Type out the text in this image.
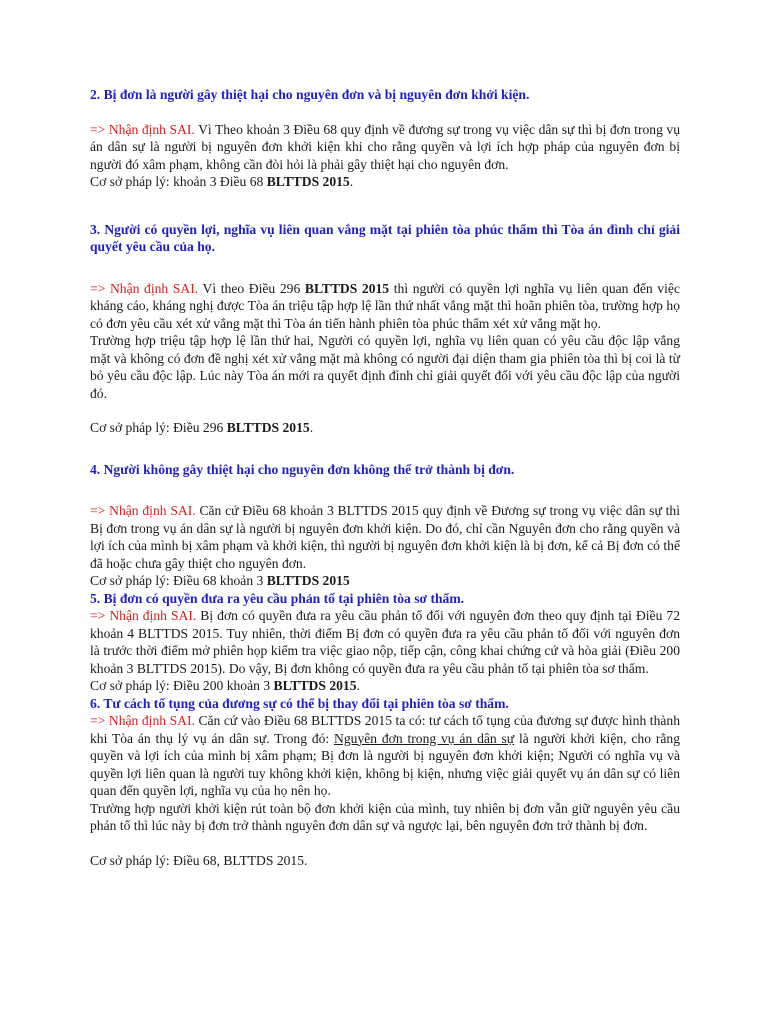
2. Bị đơn là người gây thiệt hại cho nguyên đơn và bị nguyên đơn khởi kiện.

=> Nhận định SAI. Vì Theo khoản 3 Điều 68 quy định về đương sự trong vụ việc dân sự thì bị đơn trong vụ án dân sự là người bị nguyên đơn khởi kiện khi cho rằng quyền và lợi ích hợp pháp của nguyên đơn bị người đó xâm phạm, không cần đòi hỏi là phải gây thiệt hại cho nguyên đơn.

Cơ sở pháp lý: khoản 3 Điều 68 BLTTDS 2015.

3. Người có quyền lợi, nghĩa vụ liên quan vắng mặt tại phiên tòa phúc thẩm thì Tòa án đình chỉ giải quyết yêu cầu của họ.

=> Nhận định SAI. Vì theo Điều 296 BLTTDS 2015 thì người có quyền lợi nghĩa vụ liên quan đến việc kháng cáo, kháng nghị được Tòa án triệu tập hợp lệ lần thứ nhất vắng mặt thì hoãn phiên tòa, trường hợp họ có đơn yêu cầu xét xử vắng mặt thì Tòa án tiến hành phiên tòa phúc thẩm xét xử vắng mặt họ.

Trường hợp triệu tập hợp lệ lần thứ hai, Người có quyền lợi, nghĩa vụ liên quan có yêu cầu độc lập vắng mặt và không có đơn đề nghị xét xử vắng mặt mà không có người đại diện tham gia phiên tòa thì bị coi là từ bỏ yêu cầu độc lập. Lúc này Tòa án mới ra quyết định đình chỉ giải quyết đối với yêu cầu độc lập của người đó.

Cơ sở pháp lý: Điều 296 BLTTDS 2015.

4. Người không gây thiệt hại cho nguyên đơn không thể trở thành bị đơn.

=> Nhận định SAI. Căn cứ Điều 68 khoản 3 BLTTDS 2015 quy định về Đương sự trong vụ việc dân sự thì Bị đơn trong vụ án dân sự là người bị nguyên đơn khởi kiện. Do đó, chỉ cần Nguyên đơn cho rằng quyền và lợi ích của mình bị xâm phạm và khởi kiện, thì người bị nguyên đơn khởi kiện là bị đơn, kể cả Bị đơn có thể đã hoặc chưa gây thiệt cho nguyên đơn.

Cơ sở pháp lý: Điều 68 khoản 3 BLTTDS 2015

5. Bị đơn có quyền đưa ra yêu cầu phản tố tại phiên tòa sơ thẩm.

=> Nhận định SAI. Bị đơn có quyền đưa ra yêu cầu phản tố đối với nguyên đơn theo quy định tại Điều 72 khoản 4 BLTTDS 2015. Tuy nhiên, thời điểm Bị đơn có quyền đưa ra yêu cầu phản tố đối với nguyên đơn là trước thời điểm mở phiên họp kiểm tra việc giao nộp, tiếp cận, công khai chứng cứ và hòa giải (Điều 200 khoản 3 BLTTDS 2015). Do vậy, Bị đơn không có quyền đưa ra yêu cầu phản tố tại phiên tòa sơ thẩm.

Cơ sở pháp lý: Điều 200 khoản 3 BLTTDS 2015.

6. Tư cách tố tụng của đương sự có thể bị thay đổi tại phiên tòa sơ thẩm.

=> Nhận định SAI. Căn cứ vào Điều 68 BLTTDS 2015 ta có: tư cách tố tụng của đương sự được hình thành khi Tòa án thụ lý vụ án dân sự. Trong đó: Nguyên đơn trong vụ án dân sự là người khởi kiện, cho rằng quyền và lợi ích của mình bị xâm phạm; Bị đơn là người bị nguyên đơn khởi kiện; Người có nghĩa vụ và quyền lợi liên quan là người tuy không khởi kiện, không bị kiện, nhưng việc giải quyết vụ án dân sự có liên quan đến quyền lợi, nghĩa vụ của họ nên họ.

Trường hợp người khởi kiện rút toàn bộ đơn khởi kiện của mình, tuy nhiên bị đơn vẫn giữ nguyên yêu cầu phản tố thì lúc này bị đơn trở thành nguyên đơn dân sự và ngược lại, bên nguyên đơn trở thành bị đơn.

Cơ sở pháp lý: Điều 68, BLTTDS 2015.
